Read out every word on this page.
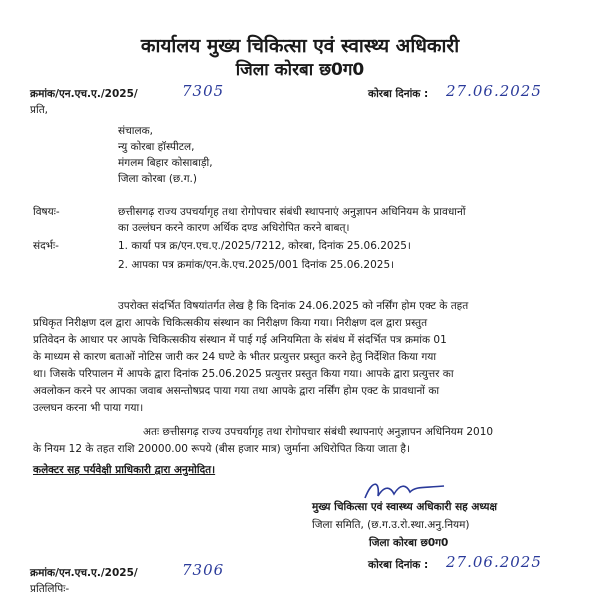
कार्यालय मुख्य चिकित्सा एवं स्वास्थ्य अधिकारी
जिला कोरबा छ0ग0
क्रमांक/एन.एच.ए./2025/	7305	कोरबा दिनांक : 27.06.2025
प्रति,
संचालक,
न्यु कोरबा हॉस्पीटल,
मंगलम बिहार कोसाबाड़ी,
जिला कोरबा (छ.ग.)
विषयः-	छत्तीसगढ़ राज्य उपचर्यागृह तथा रोगोपचार संबंधी स्थापनाएं अनुज्ञापन अधिनियम के प्रावधानों
का उल्लंघन करने कारण अर्थिक दण्ड अधिरोपित करने बाबत्।
संदर्भः-	1. कार्या पत्र क्र/एन.एच.ए./2025/7212, कोरबा, दिनांक 25.06.2025।
2. आपका पत्र क्रमांक/एन.के.एच.2025/001 दिनांक 25.06.2025।
उपरोक्त संदर्भित विषयांतर्गत लेख है कि दिनांक 24.06.2025 को नर्सिंग होम एक्ट के तहत
प्रधिकृत निरीक्षण दल द्वारा आपके चिकित्सकीय संस्थान का निरीक्षण किया गया। निरीक्षण दल द्वारा प्रस्तुत
प्रतिवेदन के आधार पर आपके चिकित्सकीय संस्थान में पाई गई अनियमिता के संबंध में संदर्भित पत्र क्रमांक 01
के माध्यम से कारण बताओं नोटिस जारी कर 24 घण्टे के भीतर प्रत्युत्तर प्रस्तुत करने हेतु निर्देशित किया गया
था। जिसके परिपालन में आपके द्वारा दिनांक 25.06.2025 प्रत्युत्तर प्रस्तुत किया गया। आपके द्वारा प्रत्युत्तर का
अवलोकन करने पर आपका जवाब असन्तोषप्रद पाया गया तथा आपके द्वारा नर्सिंग होम एक्ट के प्रावधानों का
उल्लघन करना भी पाया गया।
अतः छत्तीसगढ़ राज्य उपचर्यागृह तथा रोगोपचार संबंधी स्थापनाएं अनुज्ञापन अधिनियम 2010
के नियम 12 के तहत राशि 20000.00 रूपये (बीस हजार मात्र) जुर्माना अधिरोपित किया जाता है।
कलेक्टर सह पर्यवेक्षी प्राधिकारी द्वारा अनुमोदित।
मुख्य चिकित्सा एवं स्वास्थ्य अधिकारी सह अध्यक्ष
जिला समिति, (छ.ग.उ.रो.स्था.अनु.नियम)
जिला कोरबा छ0ग0
क्रमांक/एन.एच.ए./2025/	7306	कोरबा दिनांक : 27.06.2025
प्रतिलिपिः-
